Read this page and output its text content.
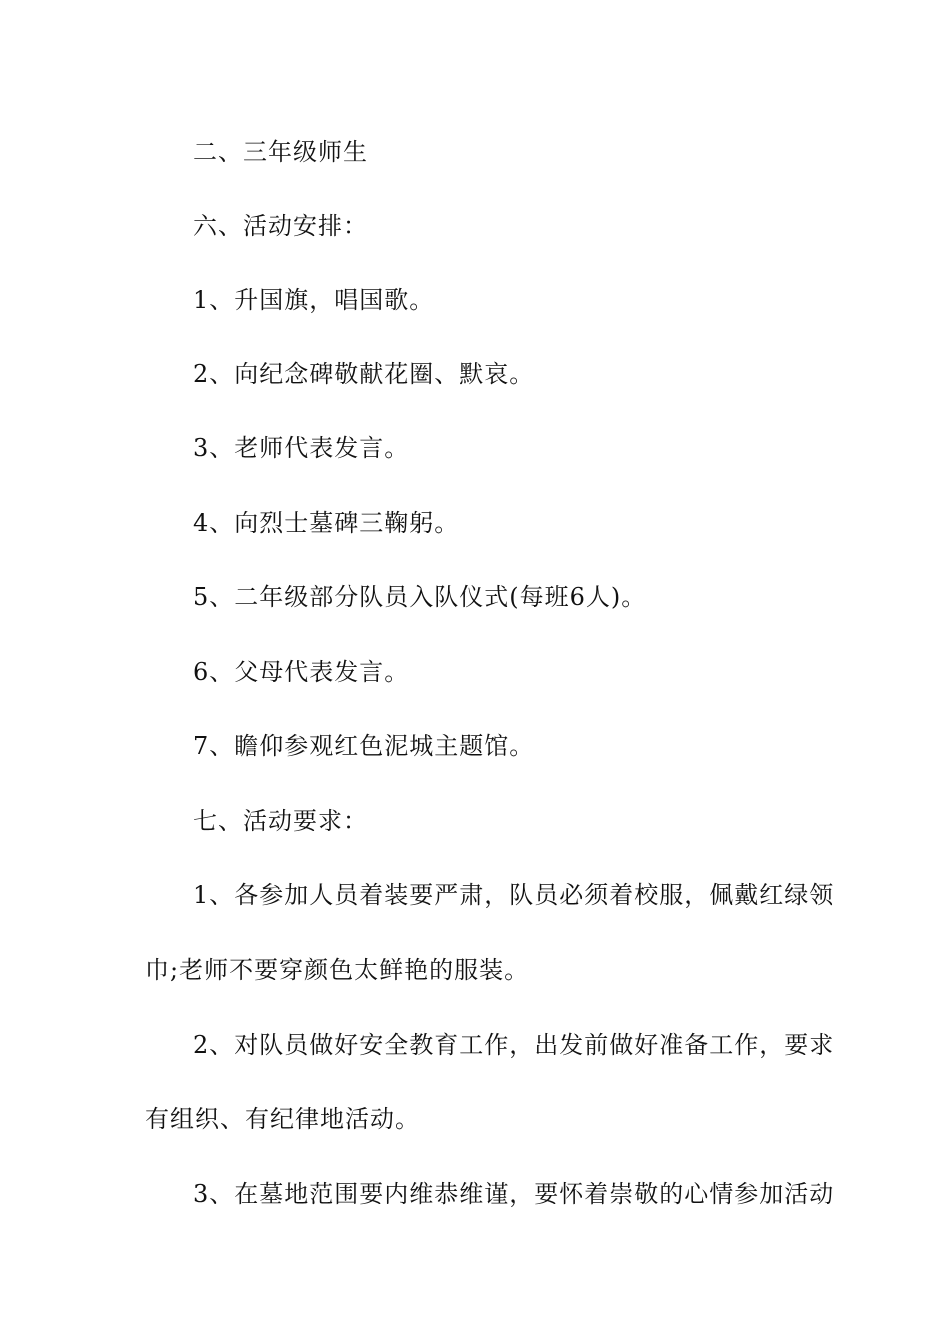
二、三年级师生
六、活动安排：
1、升国旗，唱国歌。
2、向纪念碑敬献花圈、默哀。
3、老师代表发言。
4、向烈士墓碑三鞠躬。
5、二年级部分队员入队仪式(每班6人)。
6、父母代表发言。
7、瞻仰参观红色泥城主题馆。
七、活动要求：
1、各参加人员着装要严肃，队员必须着校服，佩戴红绿领
巾;老师不要穿颜色太鲜艳的服装。
2、对队员做好安全教育工作，出发前做好准备工作，要求
有组织、有纪律地活动。
3、在墓地范围要内维恭维谨，要怀着崇敬的心情参加活动
